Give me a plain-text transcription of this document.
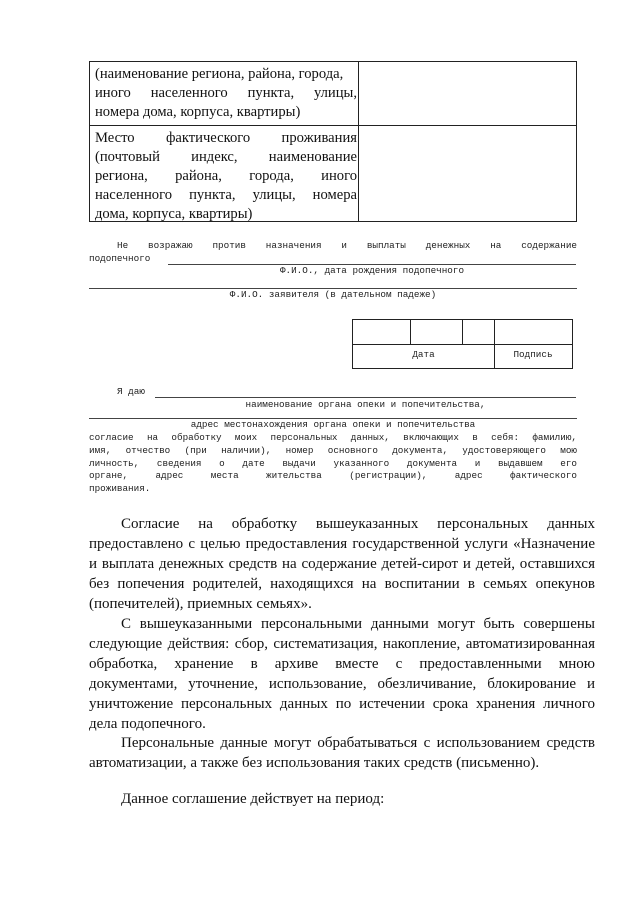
(наименование региона, района, города,
иного населенного пункта, улицы,
номера дома, корпуса, квартиры)
Место фактического проживания
(почтовый индекс, наименование
региона, района, города, иного
населенного пункта, улицы, номера
дома, корпуса, квартиры)
Не возражаю против назначения и выплаты денежных на содержание
подопечного
Ф.И.О., дата рождения подопечного
Ф.И.О. заявителя (в дательном падеже)
Дата	Подпись
Я даю
наименование органа опеки и попечительства,
адрес местонахождения органа опеки и попечительства
согласие на обработку моих персональных данных, включающих в себя: фамилию,
имя, отчество (при наличии), номер основного документа, удостоверяющего мою
личность, сведения о дате выдачи указанного документа и выдавшем его
органе, адрес места жительства (регистрации), адрес фактического
проживания.
Согласие на обработку вышеуказанных персональных данных
предоставлено с целью предоставления государственной услуги «Назначение
и выплата денежных средств на содержание детей-сирот и детей, оставшихся
без попечения родителей, находящихся на воспитании в семьях опекунов
(попечителей), приемных семьях».
С вышеуказанными персональными данными могут быть совершены
следующие действия: сбор, систематизация, накопление, автоматизированная
обработка, хранение в архиве вместе с предоставленными мною
документами, уточнение, использование, обезличивание, блокирование и
уничтожение персональных данных по истечении срока хранения личного
дела подопечного.
Персональные данные могут обрабатываться с использованием средств
автоматизации, а также без использования таких средств (письменно).
Данное соглашение действует на период:
